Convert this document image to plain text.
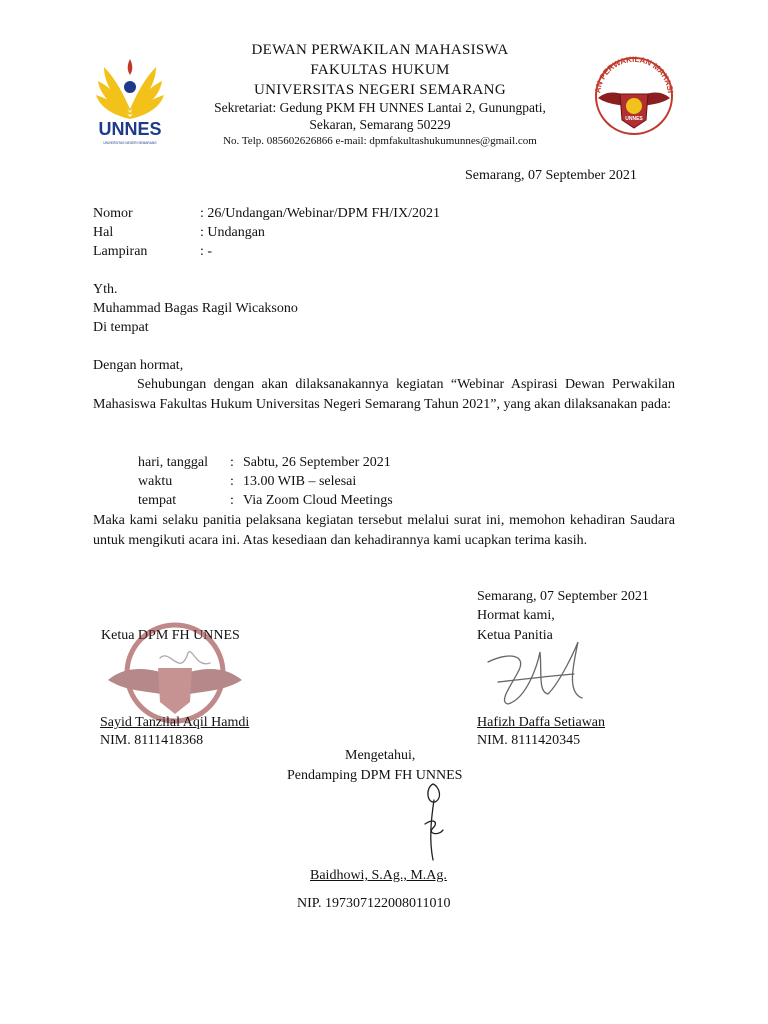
UNNES
UNIVERSITAS NEGERI SEMARANG
DEWAN PERWAKILAN MAHASISWA
FAKULTAS HUKUM
UNIVERSITAS NEGERI SEMARANG
Sekretariat: Gedung PKM FH UNNES Lantai 2, Gunungpati,
Sekaran, Semarang 50229
No. Telp. 085602626866 e-mail: dpmfakultashukumunnes@gmail.com
AN PERWAKILAN MAHASI
UNNES
Semarang, 07 September 2021
Nomor	: 26/Undangan/Webinar/DPM FH/IX/2021
Hal	: Undangan
Lampiran	: -
Yth.
Muhammad Bagas Ragil Wicaksono
Di tempat
Dengan hormat,
Sehubungan dengan akan dilaksanakannya kegiatan “Webinar Aspirasi Dewan Perwakilan Mahasiswa Fakultas Hukum Universitas Negeri Semarang Tahun 2021”, yang akan dilaksanakan pada:
hari, tanggal : Sabtu, 26 September 2021
waktu	: 13.00 WIB – selesai
tempat	: Via Zoom Cloud Meetings
Maka kami selaku panitia pelaksana kegiatan tersebut melalui surat ini, memohon kehadiran Saudara untuk mengikuti acara ini. Atas kesediaan dan kehadirannya kami ucapkan terima kasih.
Semarang, 07 September 2021
Hormat kami,
Ketua DPM FH UNNES	Ketua Panitia
Sayid Tanzilal Aqil Hamdi
NIM. 8111418368
Hafizh Daffa Setiawan
NIM. 8111420345
Mengetahui,
Pendamping DPM FH UNNES
Baidhowi, S.Ag., M.Ag.
NIP. 197307122008011010
